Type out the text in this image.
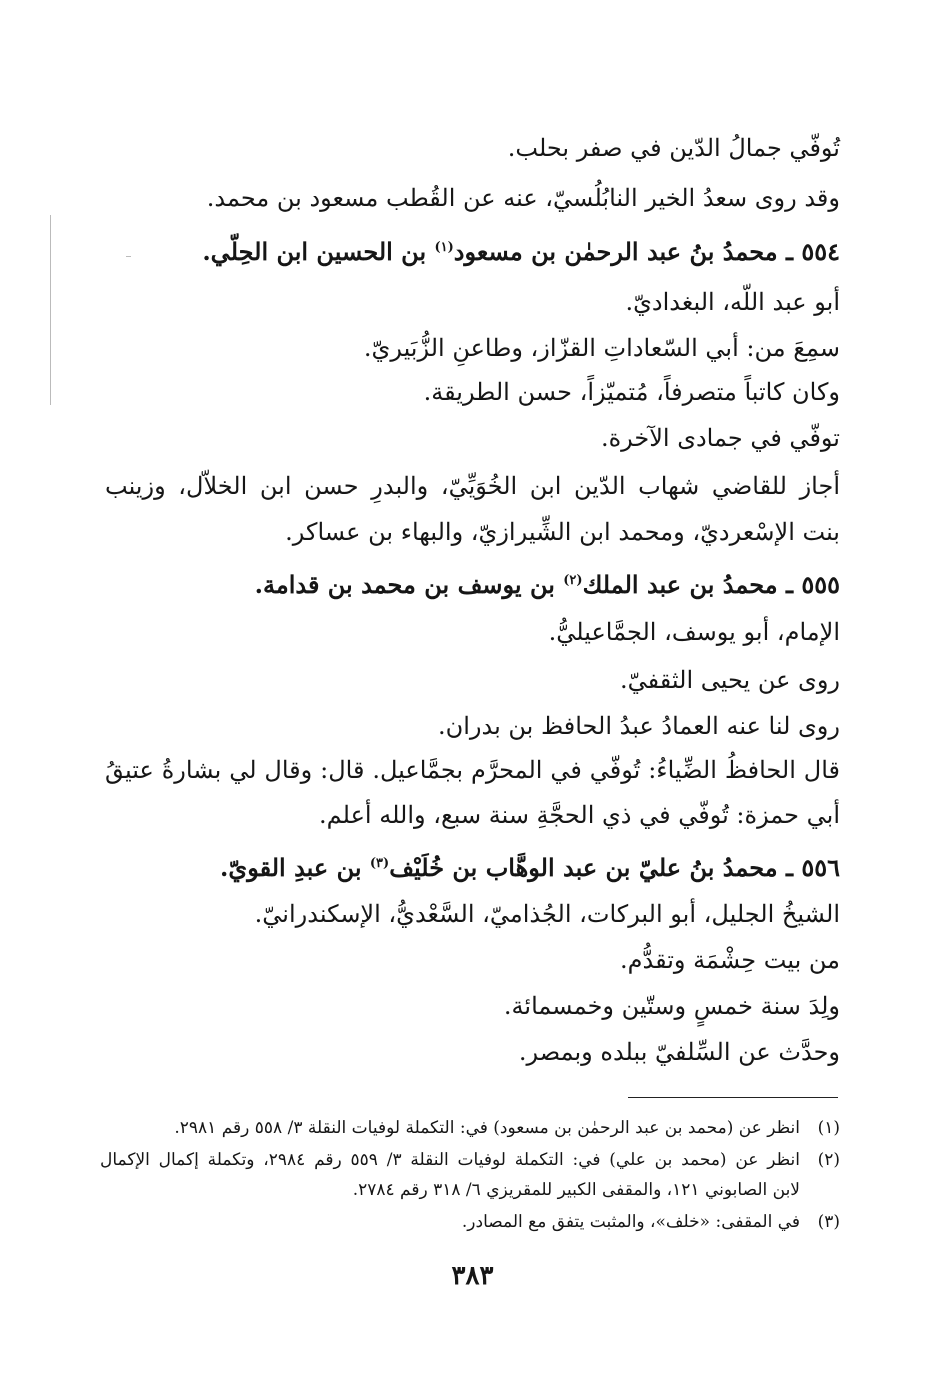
تُوفّي جمالُ الدّين في صفر بحلب.
وقد روى سعدُ الخير النابُلُسيّ، عنه عن القُطب مسعود بن محمد.
٥٥٤ ـ محمدُ بنُ عبد الرحمٰن بن مسعود$^{(١)}$ بن الحسين ابن الحِلّي.
أبو عبد اللّه، البغداديّ.
سمِعَ من: أبي السّعاداتِ القزّاز، وطاعنِ الزُّبَيريّ.
وكان كاتباً متصرفاً، مُتميّزاً، حسن الطريقة.
توفّي في جمادى الآخرة.
أجاز للقاضي شهاب الدّين ابن الخُوَيِّيّ، والبدرِ حسن ابن الخلاّل، وزينب
بنت الإسْعرديّ، ومحمد ابن الشِّيرازيّ، والبهاء بن عساكر.
٥٥٥ ـ محمدُ بن عبد الملك$^{(٢)}$ بن يوسف بن محمد بن قدامة.
الإمام، أبو يوسف، الجمَّاعيليُّ.
روى عن يحيى الثقفيّ.
روى لنا عنه العمادُ عبدُ الحافظ بن بدران.
قال الحافظُ الضِّياءُ: تُوفّي في المحرَّم بجمَّاعيل. قال: وقال لي بشارةُ عتيقُ
أبي حمزة: تُوفّي في ذي الحجَّةِ سنة سبع، والله أعلم.
٥٥٦ ـ محمدُ بنُ عليّ بن عبد الوهَّاب بن خُلَيْف$^{(٣)}$ بن عبدِ القويّ.
الشيخُ الجليل، أبو البركات، الجُذاميّ، السَّعْديُّ، الإسكندرانيّ.
من بيت حِشْمَة وتقدُّم.
ولِدَ سنة خمسٍ وستّين وخمسمائة.
وحدَّث عن السِّلفيّ ببلده وبمصر.
(١)انظر عن (محمد بن عبد الرحمٰن بن مسعود) في: التكملة لوفيات النقلة ٣/ ٥٥٨ رقم ٢٩٨١.
(٢)انظر عن (محمد بن علي) في: التكملة لوفيات النقلة ٣/ ٥٥٩ رقم ٢٩٨٤، وتكملة إكمال الإكمال
لابن الصابوني ١٢١، والمقفى الكبير للمقريزي ٦/ ٣١٨ رقم ٢٧٨٤.
(٣)في المقفى: «خلف»، والمثبت يتفق مع المصادر.
٣٨٣
